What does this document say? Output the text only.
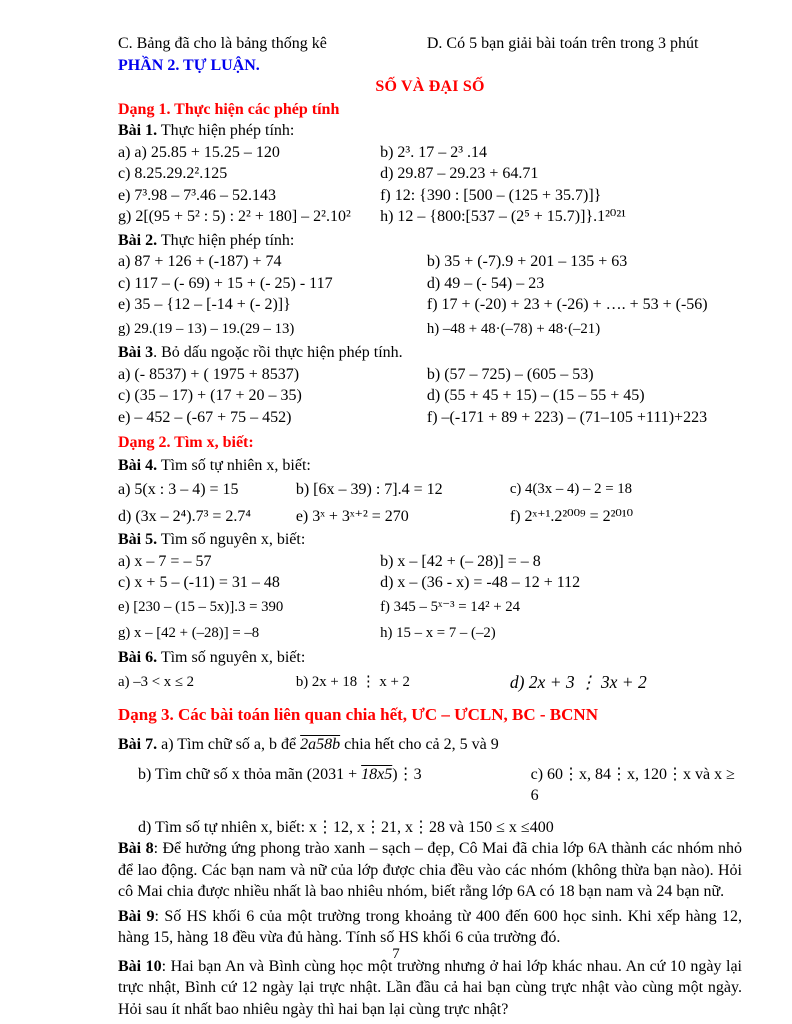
C. Bảng đã cho là bảng thống kê	D. Có 5 bạn giải bài toán trên trong 3 phút

PHẦN 2. TỰ LUẬN.

SỐ VÀ ĐẠI SỐ

Dạng 1. Thực hiện các phép tính

Bài 1. Thực hiện phép tính:

a) a) 25.85 + 15.25 – 120	b) 2³. 17 – 2³ .14
c) 8.25.29.2².125	d) 29.87 – 29.23 + 64.71
e) 7³.98 – 7³.46 – 52.143	f) 12: {390 : [500 – (125 + 35.7)]}
g) 2[(95 + 5² : 5) : 2² + 180] – 2².10²	h) 12 – {800:[537 – (2⁵ + 15.7)]}.1²⁰²¹

Bài 2. Thực hiện phép tính:

a) 87 + 126 + (-187) + 74	b) 35 + (-7).9 + 201 – 135 + 63
c) 117 – (- 69) + 15 + (- 25) - 117	d) 49 – (- 54) – 23
e) 35 – {12 – [-14 + (- 2)]}	f) 17 + (-20) + 23 + (-26) + …. + 53 + (-56)
g) 29.(19 – 13) – 19.(29 – 13)	h) –48 + 48·(–78) + 48·(–21)

Bài 3. Bỏ dấu ngoặc rồi thực hiện phép tính.

a) (- 8537) + ( 1975 + 8537)	b) (57 – 725) – (605 – 53)
c) (35 – 17) + (17 + 20 – 35)	d) (55 + 45 + 15) – (15 – 55 + 45)
e) – 452 – (-67 + 75 – 452)	f) –(-171 + 89 + 223) – (71–105 +111)+223

Dạng 2. Tìm x, biết:

Bài 4. Tìm số tự nhiên x, biết:

a) 5(x : 3 – 4) = 15	b) [6x – 39) : 7].4 = 12	c) 4(3x – 4) – 2 = 18
d) (3x – 2⁴).7³ = 2.7⁴	e) 3ˣ + 3ˣ⁺² = 270	f) 2ˣ⁺¹.2²⁰⁰⁹ = 2²⁰¹⁰

Bài 5. Tìm số nguyên x, biết:

a) x – 7 = – 57	b) x – [42 + (– 28)] = – 8
c) x + 5 – (-11) = 31 – 48	d) x – (36 - x) = -48 – 12 + 112
e) [230 – (15 – 5x)].3 = 390	f) 345 – 5ˣ⁻³ = 14² + 24
g) x – [42 + (–28)] = –8	h) 15 – x = 7 – (–2)

Bài 6. Tìm số nguyên x, biết:

a) –3 < x ≤ 2	b) 2x + 18 ⋮ x + 2	d) 2x + 3 ⋮ 3x + 2

Dạng 3. Các bài toán liên quan chia hết, ƯC – ƯCLN, BC - BCNN

Bài 7. a) Tìm chữ số a, b để 2a58b chia hết cho cả 2, 5 và 9

b) Tìm chữ số x thỏa mãn (2031 + 18x5)⋮3	c) 60⋮x, 84⋮x, 120⋮x và x ≥ 6

d) Tìm số tự nhiên x, biết: x⋮12, x⋮21, x⋮28 và 150 ≤ x ≤400

Bài 8: Để hưởng ứng phong trào xanh – sạch – đẹp, Cô Mai đã chia lớp 6A thành các nhóm nhỏ để lao động. Các bạn nam và nữ của lớp được chia đều vào các nhóm (không thừa bạn nào). Hỏi cô Mai chia được nhiều nhất là bao nhiêu nhóm, biết rằng lớp 6A có 18 bạn nam và 24 bạn nữ.

Bài 9: Số HS khối 6 của một trường trong khoảng từ 400 đến 600 học sinh. Khi xếp hàng 12, hàng 15, hàng 18 đều vừa đủ hàng. Tính số HS khối 6 của trường đó.

Bài 10: Hai bạn An và Bình cùng học một trường nhưng ở hai lớp khác nhau. An cứ 10 ngày lại trực nhật, Bình cứ 12 ngày lại trực nhật. Lần đầu cả hai bạn cùng trực nhật vào cùng một ngày. Hỏi sau ít nhất bao nhiêu ngày thì hai bạn lại cùng trực nhật?

7
